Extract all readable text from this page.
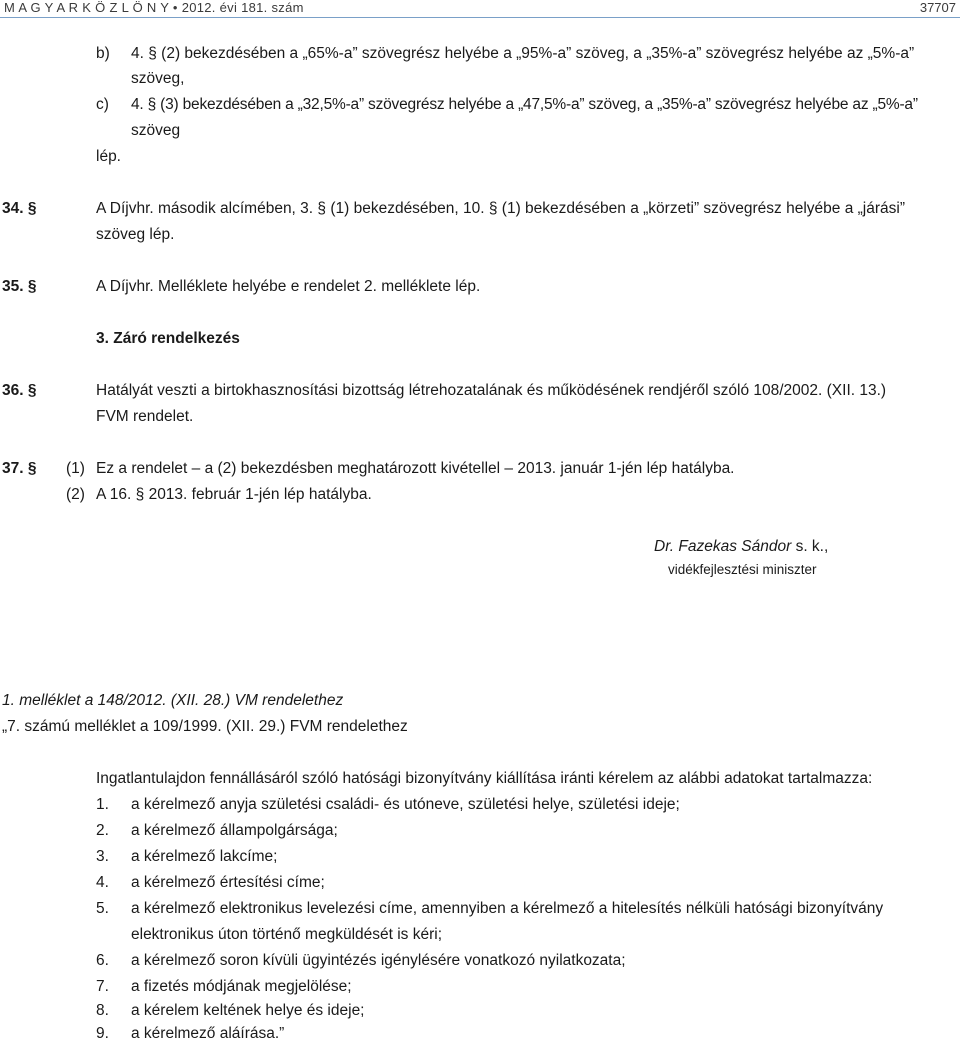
M A G Y A R K Ö Z L Ö N Y • 2012. évi 181. szám	37707
b) 4. § (2) bekezdésében a „65%-a” szövegrész helyébe a „95%-a” szöveg, a „35%-a” szövegrész helyébe az „5%-a”
szöveg,
c) 4. § (3) bekezdésében a „32,5%-a” szövegrész helyébe a „47,5%-a” szöveg, a „35%-a” szövegrész helyébe az „5%-a”
szöveg
lép.
34. §	A Díjvhr. második alcímében, 3. § (1) bekezdésében, 10. § (1) bekezdésében a „körzeti” szövegrész helyébe a „járási”
szöveg lép.
35. §	A Díjvhr. Melléklete helyébe e rendelet 2. melléklete lép.
3. Záró rendelkezés
36. §	Hatályát veszti a birtokhasznosítási bizottság létrehozatalának és működésének rendjéről szóló 108/2002. (XII. 13.)
FVM rendelet.
37. § (1) Ez a rendelet – a (2) bekezdésben meghatározott kivétellel – 2013. január 1-jén lép hatályba.
(2) A 16. § 2013. február 1-jén lép hatályba.
Dr. Fazekas Sándor s. k.,
vidékfejlesztési miniszter
1. melléklet a 148/2012. (XII. 28.) VM rendelethez
„7. számú melléklet a 109/1999. (XII. 29.) FVM rendelethez
Ingatlantulajdon fennállásáról szóló hatósági bizonyítvány kiállítása iránti kérelem az alábbi adatokat tartalmazza:
1. a kérelmező anyja születési családi- és utóneve, születési helye, születési ideje;
2. a kérelmező állampolgársága;
3. a kérelmező lakcíme;
4. a kérelmező értesítési címe;
5. a kérelmező elektronikus levelezési címe, amennyiben a kérelmező a hitelesítés nélküli hatósági bizonyítvány
elektronikus úton történő megküldését is kéri;
6. a kérelmező soron kívüli ügyintézés igénylésére vonatkozó nyilatkozata;
7. a fizetés módjának megjelölése;
8. a kérelem keltének helye és ideje;
9. a kérelmező aláírása.”
